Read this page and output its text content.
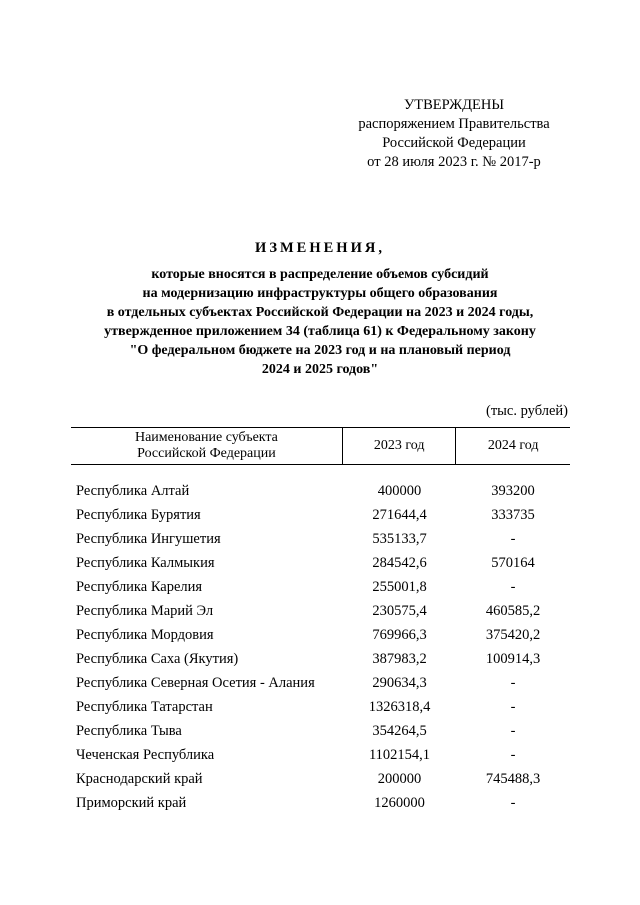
УТВЕРЖДЕНЫ
распоряжением Правительства
Российской Федерации
от 28 июля 2023 г. № 2017-р
ИЗМЕНЕНИЯ,
которые вносятся в распределение объемов субсидий
на модернизацию инфраструктуры общего образования
в отдельных субъектах Российской Федерации на 2023 и 2024 годы,
утвержденное приложением 34 (таблица 61) к Федеральному закону
"О федеральном бюджете на 2023 год и на плановый период
2024 и 2025 годов"
(тыс. рублей)
Наименование субъекта
Российской Федерации
2023 год	2024 год
Республика Алтай	400000	393200
Республика Бурятия	271644,4	333735
Республика Ингушетия	535133,7	-
Республика Калмыкия	284542,6	570164
Республика Карелия	255001,8	-
Республика Марий Эл	230575,4	460585,2
Республика Мордовия	769966,3	375420,2
Республика Саха (Якутия)	387983,2	100914,3
Республика Северная Осетия - Алания	290634,3	-
Республика Татарстан	1326318,4	-
Республика Тыва	354264,5	-
Чеченская Республика	1102154,1	-
Краснодарский край	200000	745488,3
Приморский край	1260000	-
